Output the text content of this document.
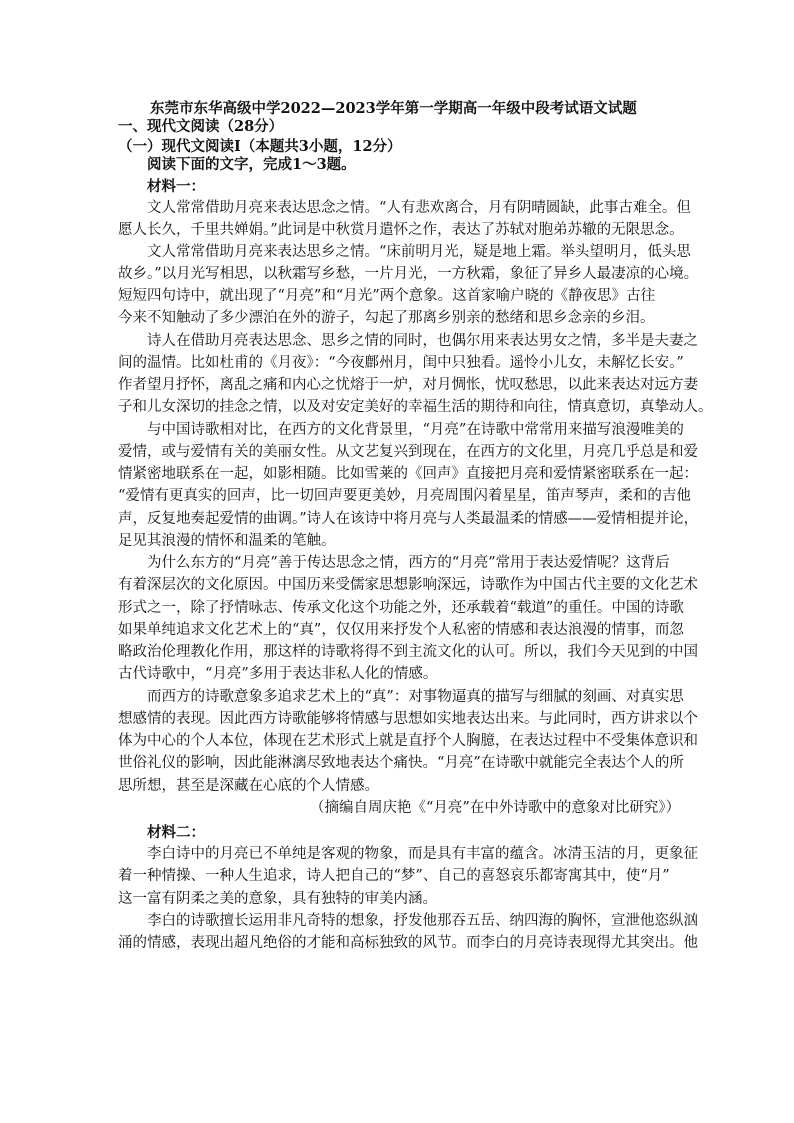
东莞市东华高级中学2022—2023学年第一学期高一年级中段考试语文试题
一、现代文阅读（28分）
（一）现代文阅读Ⅰ（本题共3小题，12分）
阅读下面的文字，完成1～3题。
材料一：
文人常常借助月亮来表达思念之情。“人有悲欢离合，月有阴晴圆缺，此事古难全。但
愿人长久，千里共婵娟。”此词是中秋赏月遣怀之作，表达了苏轼对胞弟苏辙的无限思念。
文人常常借助月亮来表达思乡之情。“床前明月光，疑是地上霜。举头望明月，低头思
故乡。”以月光写相思，以秋霜写乡愁，一片月光，一方秋霜，象征了异乡人最凄凉的心境。
短短四句诗中，就出现了“月亮”和“月光”两个意象。这首家喻户晓的《静夜思》古往
今来不知触动了多少漂泊在外的游子，勾起了那离乡别亲的愁绪和思乡念亲的乡泪。
诗人在借助月亮表达思念、思乡之情的同时，也偶尔用来表达男女之情，多半是夫妻之
间的温情。比如杜甫的《月夜》：“今夜鄜州月，闺中只独看。遥怜小儿女，未解忆长安。”
作者望月抒怀，离乱之痛和内心之忧熔于一炉，对月惆怅，忧叹愁思，以此来表达对远方妻
子和儿女深切的挂念之情，以及对安定美好的幸福生活的期待和向往，情真意切，真挚动人。
与中国诗歌相对比，在西方的文化背景里，“月亮”在诗歌中常常用来描写浪漫唯美的
爱情，或与爱情有关的美丽女性。从文艺复兴到现在，在西方的文化里，月亮几乎总是和爱
情紧密地联系在一起，如影相随。比如雪莱的《回声》直接把月亮和爱情紧密联系在一起：
“爱情有更真实的回声，比一切回声要更美妙，月亮周围闪着星星，笛声琴声，柔和的吉他
声，反复地奏起爱情的曲调。”诗人在该诗中将月亮与人类最温柔的情感——爱情相提并论，
足见其浪漫的情怀和温柔的笔触。
为什么东方的“月亮”善于传达思念之情，西方的“月亮”常用于表达爱情呢？这背后
有着深层次的文化原因。中国历来受儒家思想影响深远，诗歌作为中国古代主要的文化艺术
形式之一，除了抒情咏志、传承文化这个功能之外，还承载着“载道”的重任。中国的诗歌
如果单纯追求文化艺术上的“真”，仅仅用来抒发个人私密的情感和表达浪漫的情事，而忽
略政治伦理教化作用，那这样的诗歌将得不到主流文化的认可。所以，我们今天见到的中国
古代诗歌中，“月亮”多用于表达非私人化的情感。
而西方的诗歌意象多追求艺术上的“真”：对事物逼真的描写与细腻的刻画、对真实思
想感情的表现。因此西方诗歌能够将情感与思想如实地表达出来。与此同时，西方讲求以个
体为中心的个人本位，体现在艺术形式上就是直抒个人胸臆，在表达过程中不受集体意识和
世俗礼仪的影响，因此能淋漓尽致地表达个痛快。“月亮”在诗歌中就能完全表达个人的所
思所想，甚至是深藏在心底的个人情感。
（摘编自周庆艳《“月亮”在中外诗歌中的意象对比研究》）
材料二：
李白诗中的月亮已不单纯是客观的物象，而是具有丰富的蕴含。冰清玉洁的月，更象征
着一种情操、一种人生追求，诗人把自己的“梦”、自己的喜怒哀乐都寄寓其中，使“月”
这一富有阴柔之美的意象，具有独特的审美内涵。
李白的诗歌擅长运用非凡奇特的想象，抒发他那吞五岳、纳四海的胸怀，宣泄他恣纵汹
涌的情感，表现出超凡绝俗的才能和高标独致的风节。而李白的月亮诗表现得尤其突出。他
